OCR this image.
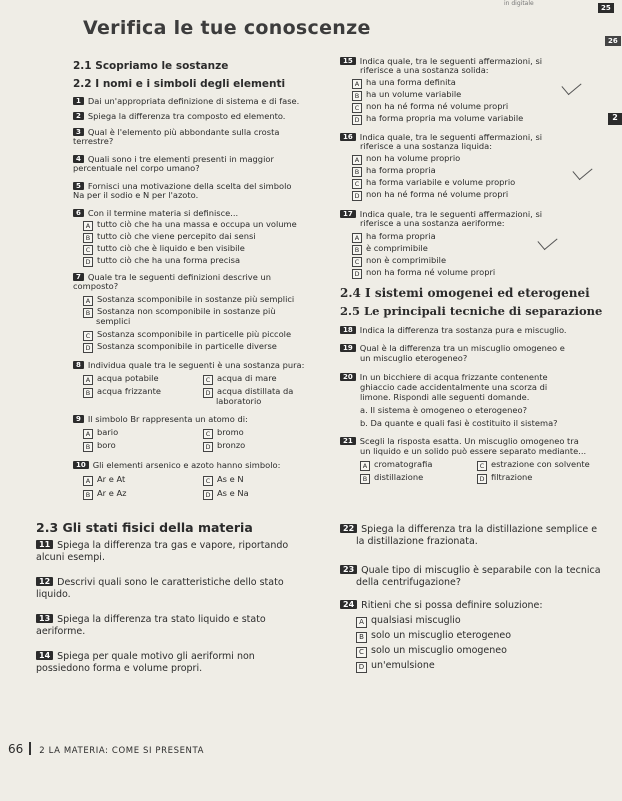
in digitale
25
26
Verifica le tue conoscenze
2
2.1 Scopriamo le sostanze
2.2 I nomi e i simboli degli elementi
1 Dai un'appropriata definizione di sistema e di fase.
2 Spiega la differenza tra composto ed elemento.
3 Qual è l'elemento più abbondante sulla crosta
terrestre?
4 Quali sono i tre elementi presenti in maggior
percentuale nel corpo umano?
5 Fornisci una motivazione della scelta del simbolo
Na per il sodio e N per l'azoto.
6 Con il termine materia si definisce...
A tutto ciò che ha una massa e occupa un volume
B tutto ciò che viene percepito dai sensi
C tutto ciò che è liquido e ben visibile
D tutto ciò che ha una forma precisa
7 Quale tra le seguenti definizioni descrive un
composto?
A Sostanza scomponibile in sostanze più semplici
B Sostanza non scomponibile in sostanze più
semplici
C Sostanza scomponibile in particelle più piccole
D Sostanza scomponibile in particelle diverse
8 Individua quale tra le seguenti è una sostanza pura:
A acqua potabile
B acqua frizzante
C acqua di mare
D acqua distillata da
laboratorio
9 Il simbolo Br rappresenta un atomo di:
A bario
B boro
C bromo
D bronzo
10 Gli elementi arsenico e azoto hanno simbolo:
A Ar e At
B Ar e Az
C As e N
D As e Na
2.3 Gli stati fisici della materia
11 Spiega la differenza tra gas e vapore, riportando
alcuni esempi.
12 Descrivi quali sono le caratteristiche dello stato
liquido.
13 Spiega la differenza tra stato liquido e stato
aeriforme.
14 Spiega per quale motivo gli aeriformi non
possiedono forma e volume propri.
15 Indica quale, tra le seguenti affermazioni, si
riferisce a una sostanza solida:
A ha una forma definita
B ha un volume variabile
C non ha né forma né volume propri
D ha forma propria ma volume variabile
16 Indica quale, tra le seguenti affermazioni, si
riferisce a una sostanza liquida:
A non ha volume proprio
B ha forma propria
C ha forma variabile e volume proprio
D non ha né forma né volume propri
17 Indica quale, tra le seguenti affermazioni, si
riferisce a una sostanza aeriforme:
A ha forma propria
B è comprimibile
C non è comprimibile
D non ha forma né volume propri
2.4 I sistemi omogenei ed eterogenei
2.5 Le principali tecniche di separazione
18 Indica la differenza tra sostanza pura e miscuglio.
19 Qual è la differenza tra un miscuglio omogeneo e
un miscuglio eterogeneo?
20 In un bicchiere di acqua frizzante contenente
ghiaccio cade accidentalmente una scorza di
limone. Rispondi alle seguenti domande.
a. Il sistema è omogeneo o eterogeneo?
b. Da quante e quali fasi è costituito il sistema?
21 Scegli la risposta esatta. Un miscuglio omogeneo tra
un liquido e un solido può essere separato mediante...
A cromatografia
B distillazione
C estrazione con solvente
D filtrazione
22 Spiega la differenza tra la distillazione semplice e
la distillazione frazionata.
23 Quale tipo di miscuglio è separabile con la tecnica
della centrifugazione?
24 Ritieni che si possa definire soluzione:
A qualsiasi miscuglio
B solo un miscuglio eterogeneo
C solo un miscuglio omogeneo
D un'emulsione
66 2 LA MATERIA: COME SI PRESENTA
